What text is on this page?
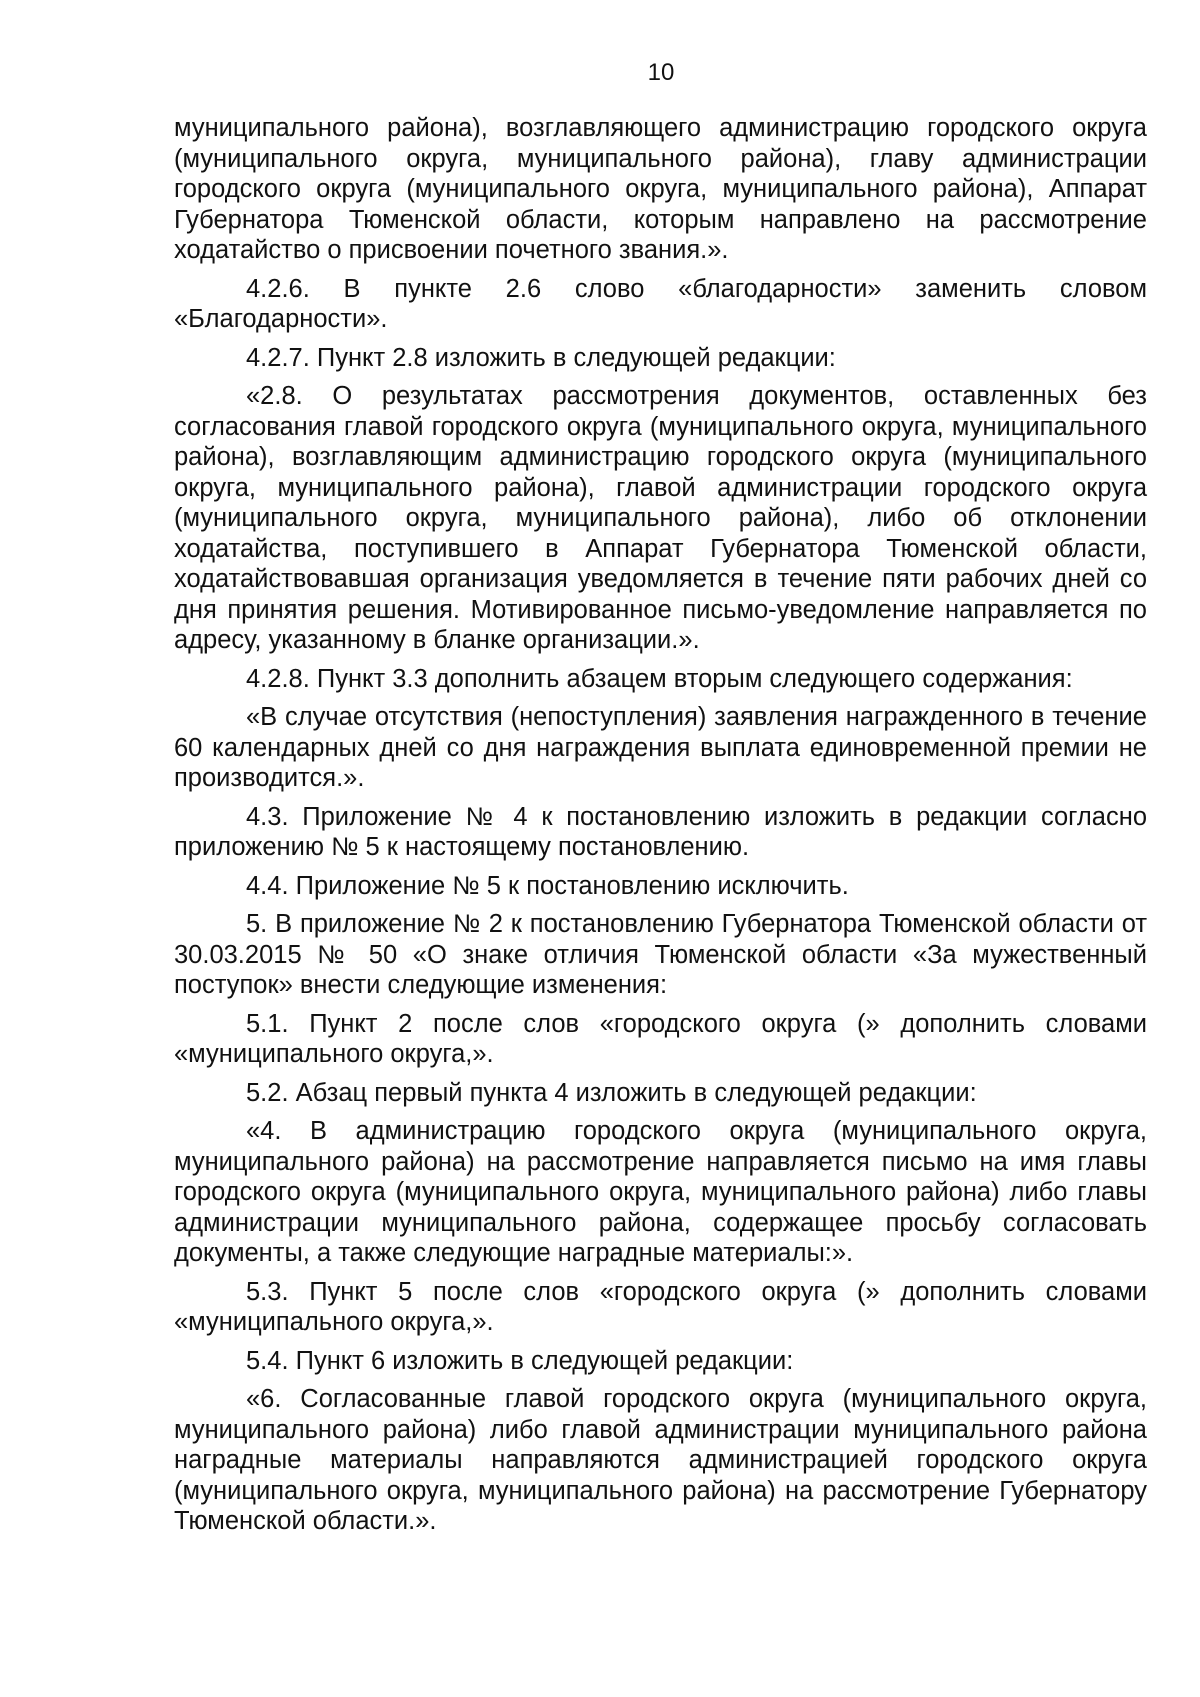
10

муниципального района), возглавляющего администрацию городского округа (муниципального округа, муниципального района), главу администрации городского округа (муниципального округа, муниципального района), Аппарат Губернатора Тюменской области, которым направлено на рассмотрение ходатайство о присвоении почетного звания.».

4.2.6. В пункте 2.6 слово «благодарности» заменить словом «Благодарности».

4.2.7. Пункт 2.8 изложить в следующей редакции:

«2.8. О результатах рассмотрения документов, оставленных без согласования главой городского округа (муниципального округа, муниципального района), возглавляющим администрацию городского округа (муниципального округа, муниципального района), главой администрации городского округа (муниципального округа, муниципального района), либо об отклонении ходатайства, поступившего в Аппарат Губернатора Тюменской области, ходатайствовавшая организация уведомляется в течение пяти рабочих дней со дня принятия решения. Мотивированное письмо-уведомление направляется по адресу, указанному в бланке организации.».

4.2.8. Пункт 3.3 дополнить абзацем вторым следующего содержания:

«В случае отсутствия (непоступления) заявления награжденного в течение 60 календарных дней со дня награждения выплата единовременной премии не производится.».

4.3. Приложение № 4 к постановлению изложить в редакции согласно приложению № 5 к настоящему постановлению.

4.4. Приложение № 5 к постановлению исключить.

5. В приложение № 2 к постановлению Губернатора Тюменской области от 30.03.2015 № 50 «О знаке отличия Тюменской области «За мужественный поступок» внести следующие изменения:

5.1. Пункт 2 после слов «городского округа (» дополнить словами «муниципального округа,».

5.2. Абзац первый пункта 4 изложить в следующей редакции:

«4. В администрацию городского округа (муниципального округа, муниципального района) на рассмотрение направляется письмо на имя главы городского округа (муниципального округа, муниципального района) либо главы администрации муниципального района, содержащее просьбу согласовать документы, а также следующие наградные материалы:».

5.3. Пункт 5 после слов «городского округа (» дополнить словами «муниципального округа,».

5.4. Пункт 6 изложить в следующей редакции:

«6. Согласованные главой городского округа (муниципального округа, муниципального района) либо главой администрации муниципального района наградные материалы направляются администрацией городского округа (муниципального округа, муниципального района) на рассмотрение Губернатору Тюменской области.».
